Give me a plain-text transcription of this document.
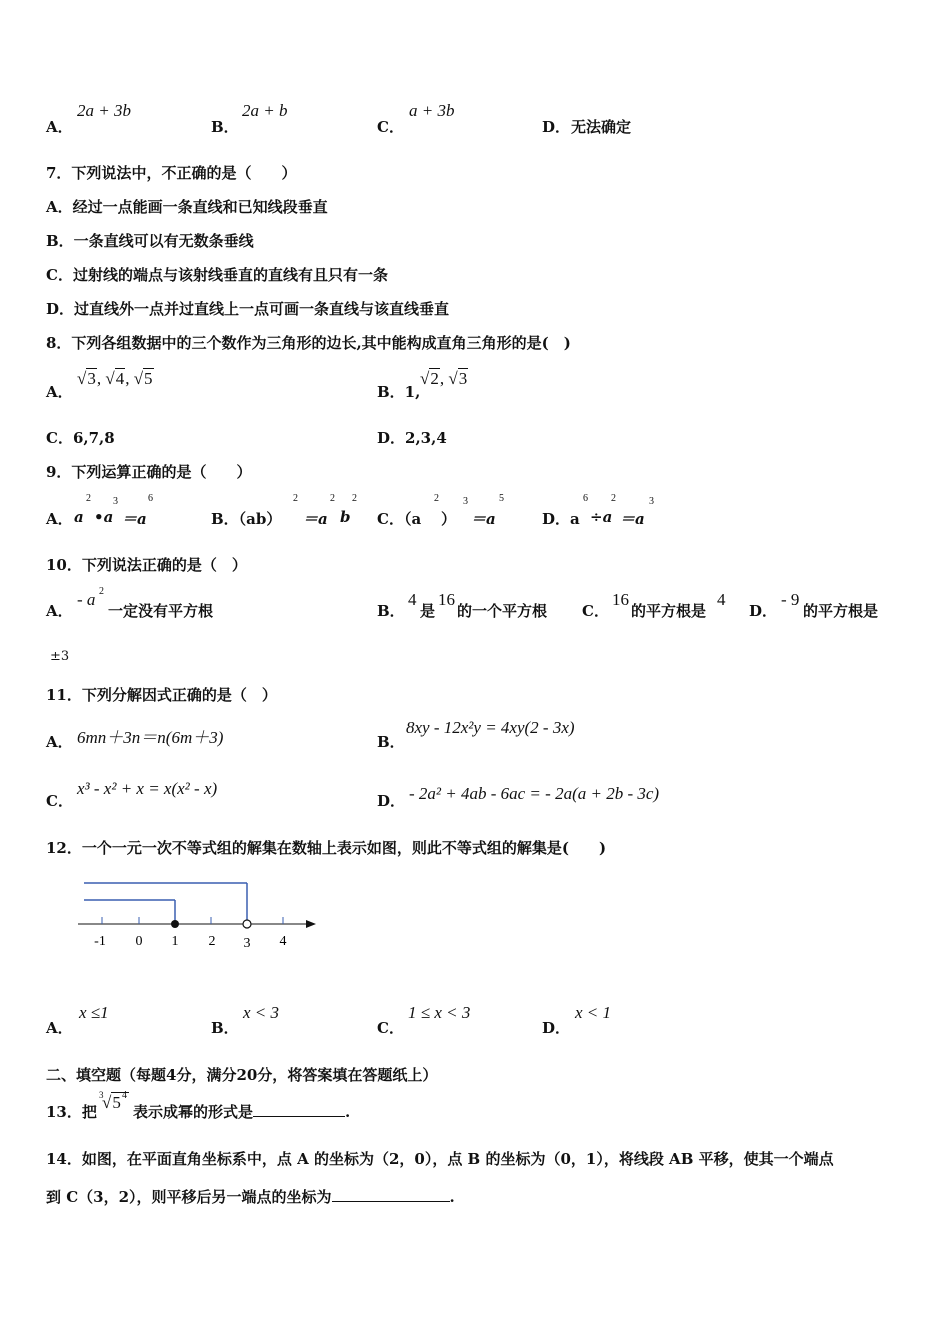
A．
2a + 3b
B．
2a + b
C．
a + 3b
D． 无法确定
7．下列说法中，不正确的是（　　）
A．经过一点能画一条直线和已知线段垂直
B．一条直线可以有无数条垂线
C．过射线的端点与该射线垂直的直线有且只有一条
D．过直线外一点并过直线上一点可画一条直线与该直线垂直
8．下列各组数据中的三个数作为三角形的边长,其中能构成直角三角形的是(　)
A．
√3, √4, √5
B．1,
√2, √3
C．6,7,8	D．2,3,4
9．下列运算正确的是（　　）
A． a
2
•a
3
＝a
6
B．（ab）
2
＝a
2
b
2
C．（a
2
）
3
＝a
5
D．a
6
÷a
2
＝a
3
10．下列说法正确的是（　）
A．
- a 2
一定没有平方根	B．
4
是
16
的一个平方根 C．
16
的平方根是
4
D．
- 9
的平方根是
±3
11．下列分解因式正确的是（　）
A． 6mn＋3n＝n(6m＋3)	B．
8xy - 12x²y = 4xy(2 - 3x)
C．
x³ - x² + x = x(x² - x)
D． - 2a² + 4ab - 6ac = - 2a(a + 2b - 3c)
12．一个一元一次不等式组的解集在数轴上表示如图，则此不等式组的解集是(　　)
-1 0 1 2 3 4
A．
x ≤1
B．
x < 3
C．
1 ≤ x < 3
D．
x < 1
二、填空题（每题4分，满分20分，将答案填在答题纸上）
13．把
3
√5 4
表示成幂的形式是	.
14．如图，在平面直角坐标系中，点 A 的坐标为（2，0），点 B 的坐标为（0，1），将线段 AB 平移，使其一个端点
到 C（3，2），则平移后另一端点的坐标为	.
